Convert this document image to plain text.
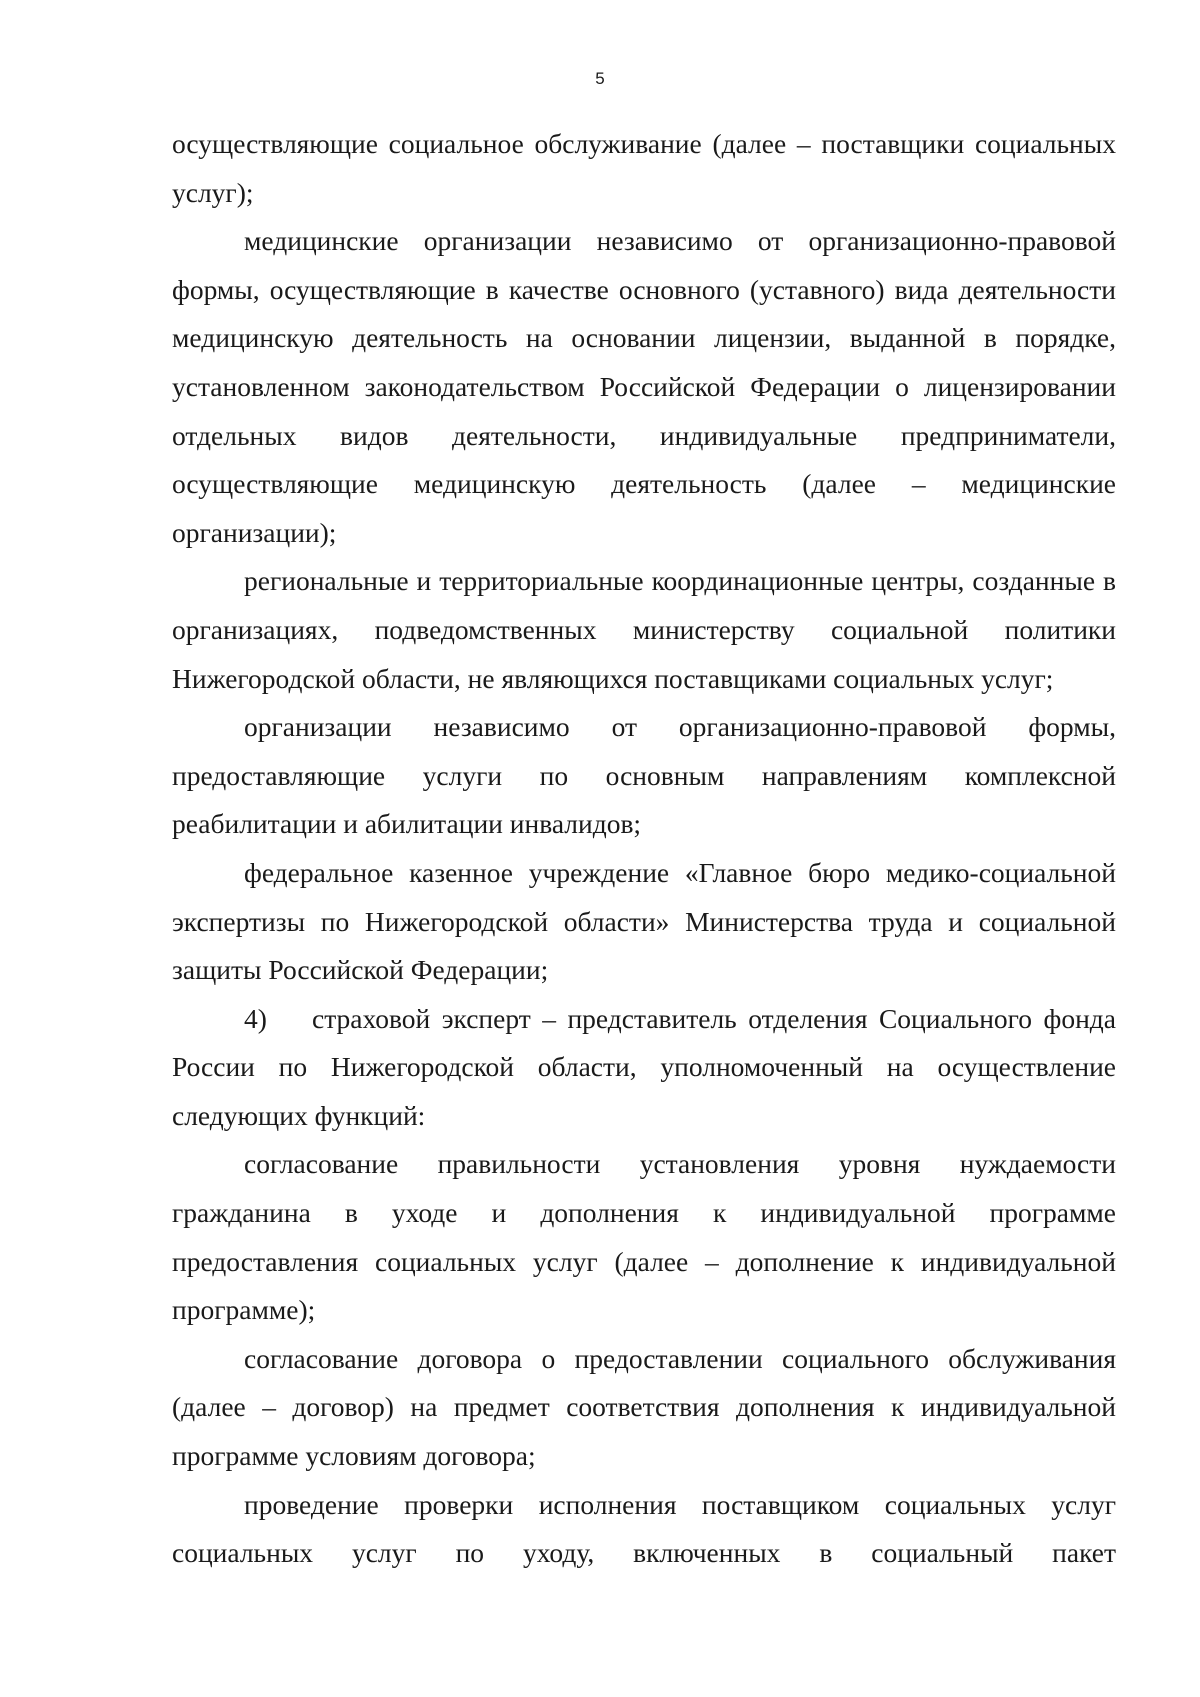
5

осуществляющие социальное обслуживание (далее – поставщики социальных услуг);

медицинские организации независимо от организационно-правовой формы, осуществляющие в качестве основного (уставного) вида деятельности медицинскую деятельность на основании лицензии, выданной в порядке, установленном законодательством Российской Федерации о лицензировании отдельных видов деятельности, индивидуальные предприниматели, осуществляющие медицинскую деятельность (далее – медицинские организации);

региональные и территориальные координационные центры, созданные в организациях, подведомственных министерству социальной политики Нижегородской области, не являющихся поставщиками социальных услуг;

организации независимо от организационно-правовой формы, предоставляющие услуги по основным направлениям комплексной реабилитации и абилитации инвалидов;

федеральное казенное учреждение «Главное бюро медико-социальной экспертизы по Нижегородской области» Министерства труда и социальной защиты Российской Федерации;

4) страховой эксперт – представитель отделения Социального фонда России по Нижегородской области, уполномоченный на осуществление следующих функций:

согласование правильности установления уровня нуждаемости гражданина в уходе и дополнения к индивидуальной программе предоставления социальных услуг (далее – дополнение к индивидуальной программе);

согласование договора о предоставлении социального обслуживания (далее – договор) на предмет соответствия дополнения к индивидуальной программе условиям договора;

проведение проверки исполнения поставщиком социальных услуг социальных услуг по уходу, включенных в социальный пакет
